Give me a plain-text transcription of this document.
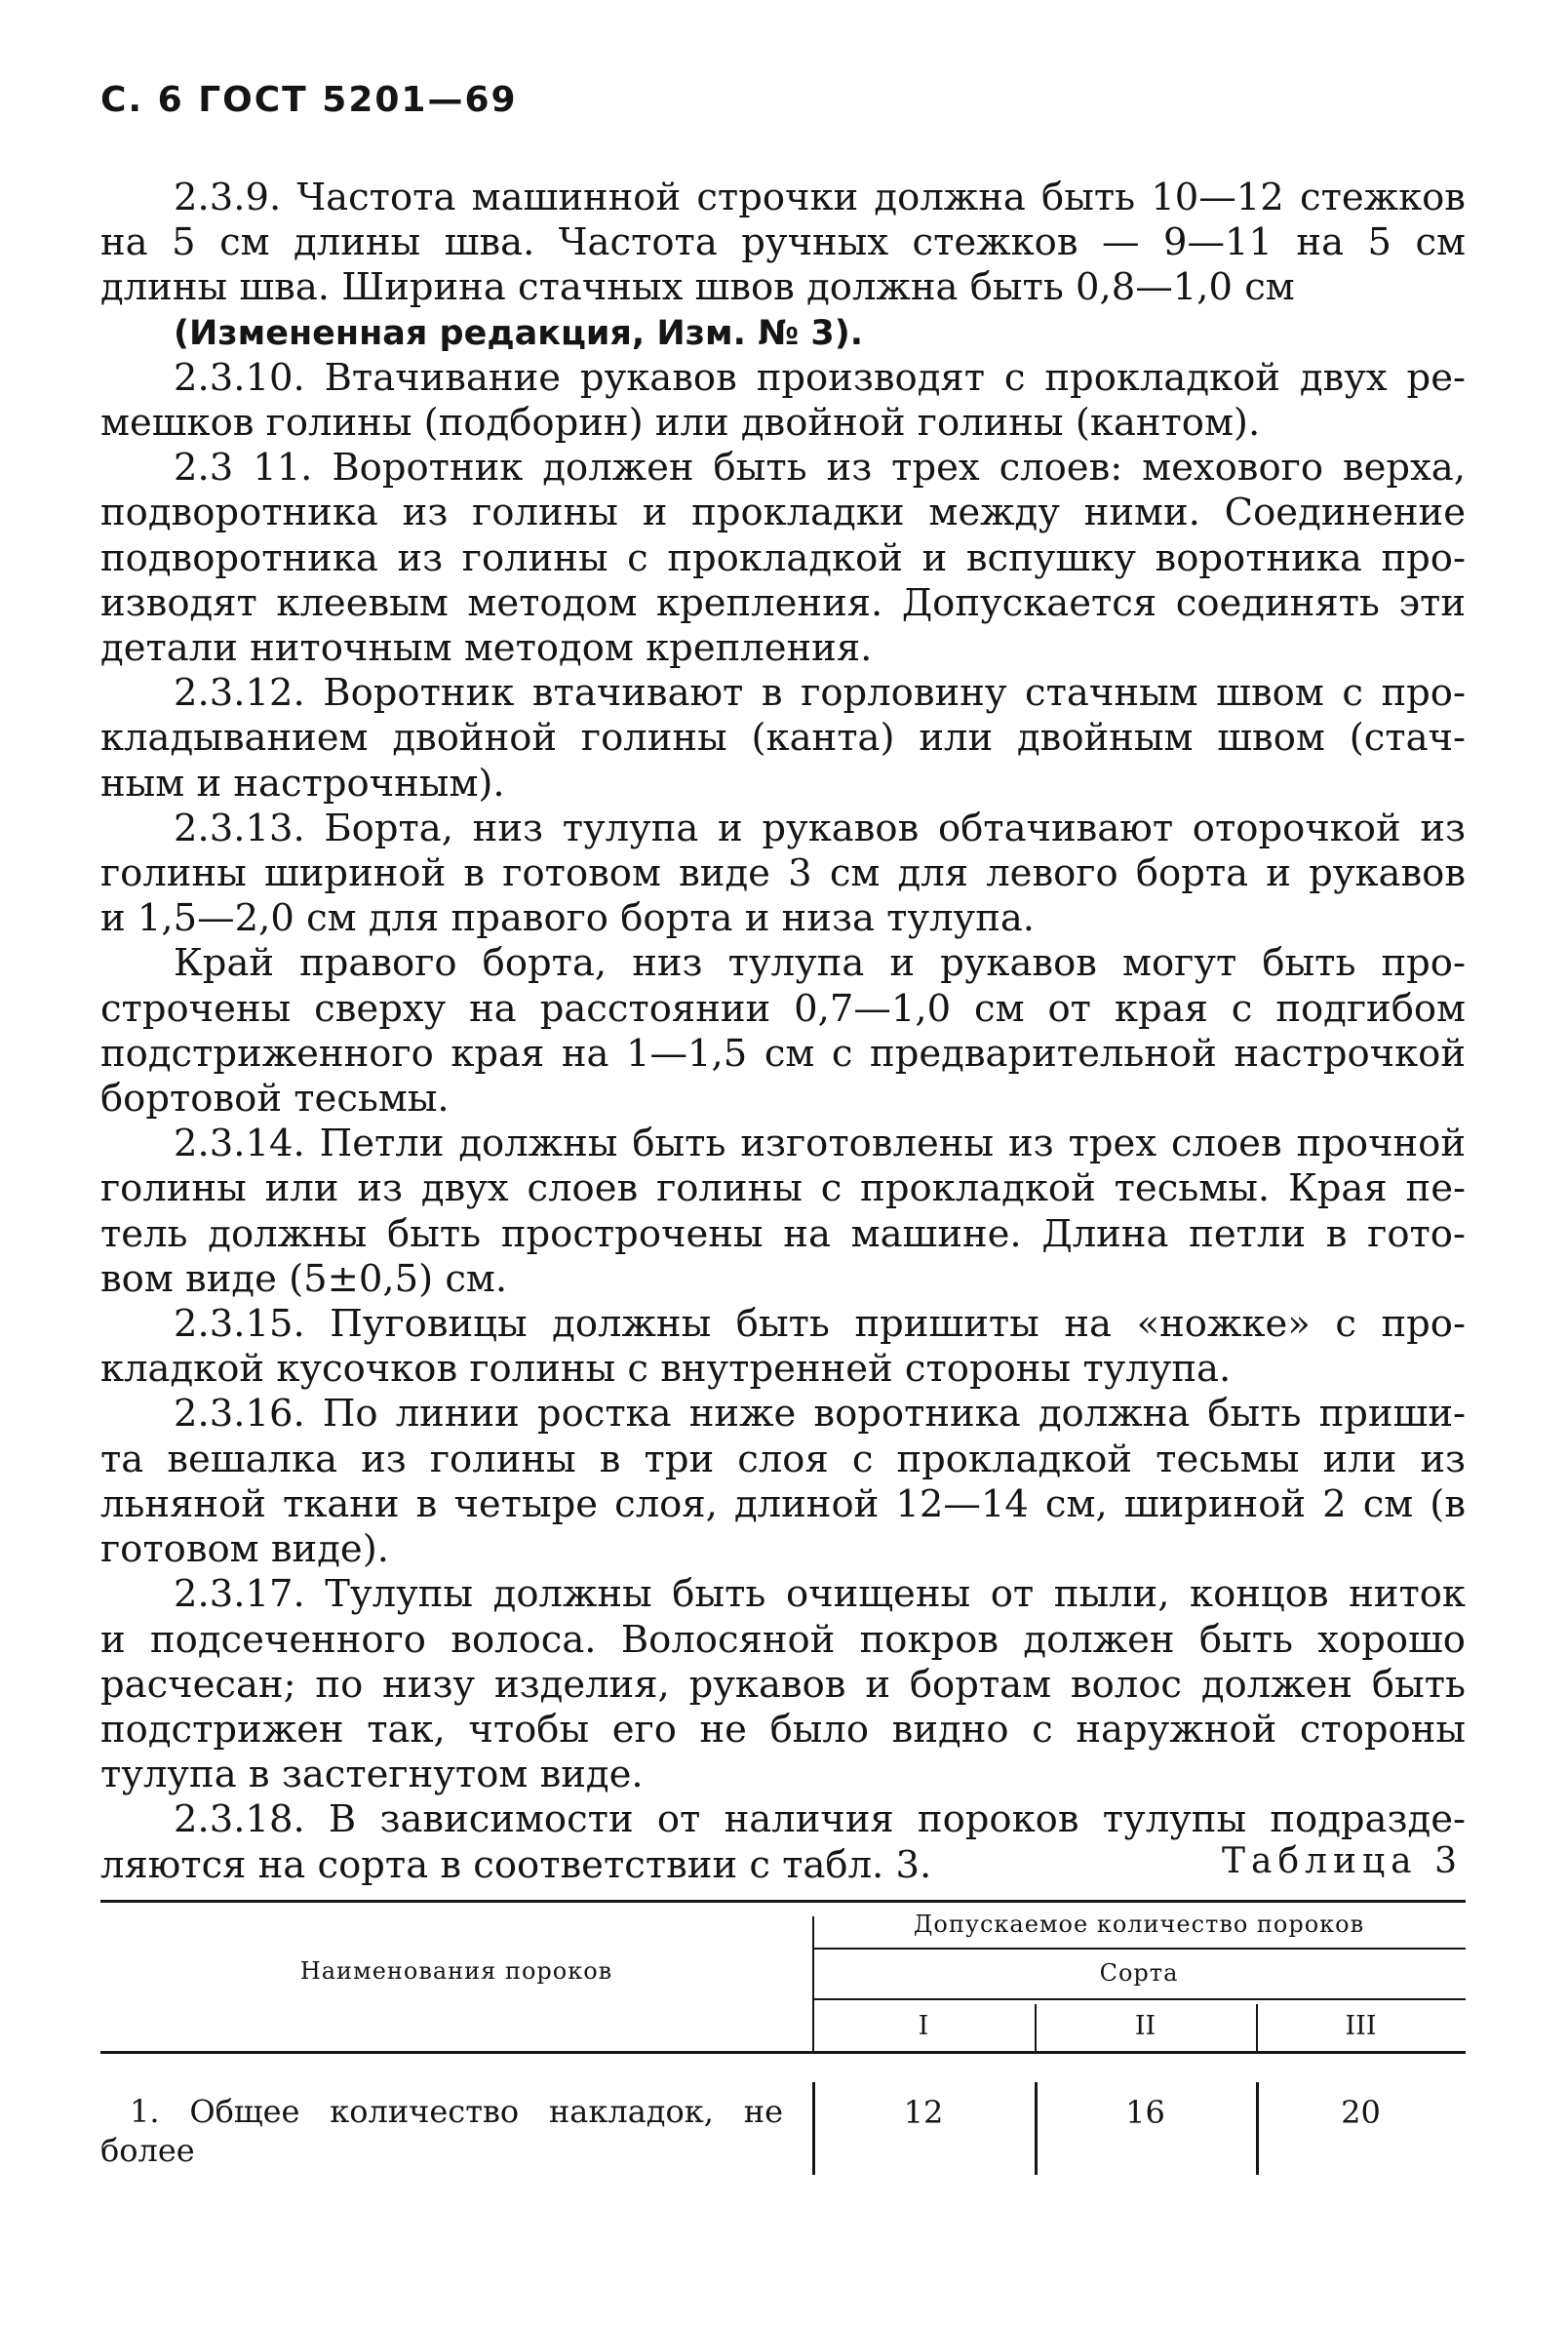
С. 6 ГОСТ 5201—69
2.3.9. Частота машинной строчки должна быть 10—12 стежков
на 5 см длины шва. Частота ручных стежков — 9—11 на 5 см
длины шва. Ширина стачных швов должна быть 0,8—1,0 см
(Измененная редакция, Изм. № 3).
2.3.10. Втачивание рукавов производят с прокладкой двух ре-
мешков голины (подборин) или двойной голины (кантом).
2.3 11. Воротник должен быть из трех слоев: мехового верха,
подворотника из голины и прокладки между ними. Соединение
подворотника из голины с прокладкой и вспушку воротника про-
изводят клеевым методом крепления. Допускается соединять эти
детали ниточным методом крепления.
2.3.12. Воротник втачивают в горловину стачным швом с про-
кладыванием двойной голины (канта) или двойным швом (стач-
ным и настрочным).
2.3.13. Борта, низ тулупа и рукавов обтачивают оторочкой из
голины шириной в готовом виде 3 см для левого борта и рукавов
и 1,5—2,0 см для правого борта и низа тулупа.
Край правого борта, низ тулупа и рукавов могут быть про-
строчены сверху на расстоянии 0,7—1,0 см от края с подгибом
подстриженного края на 1—1,5 см с предварительной настрочкой
бортовой тесьмы.
2.3.14. Петли должны быть изготовлены из трех слоев прочной
голины или из двух слоев голины с прокладкой тесьмы. Края пе-
тель должны быть прострочены на машине. Длина петли в гото-
вом виде (5±0,5) см.
2.3.15. Пуговицы должны быть пришиты на «ножке» с про-
кладкой кусочков голины с внутренней стороны тулупа.
2.3.16. По линии ростка ниже воротника должна быть приши-
та вешалка из голины в три слоя с прокладкой тесьмы или из
льняной ткани в четыре слоя, длиной 12—14 см, шириной 2 см (в
готовом виде).
2.3.17. Тулупы должны быть очищены от пыли, концов ниток
и подсеченного волоса. Волосяной покров должен быть хорошо
расчесан; по низу изделия, рукавов и бортам волос должен быть
подстрижен так, чтобы его не было видно с наружной стороны
тулупа в застегнутом виде.
2.3.18. В зависимости от наличия пороков тулупы подразде-
ляются на сорта в соответствии с табл. 3.	Таблица 3
Наименования пороков
Допускаемое количество пороков
Сорта
I	II	III
1. Общее количество накладок, не
более
12	16	20
